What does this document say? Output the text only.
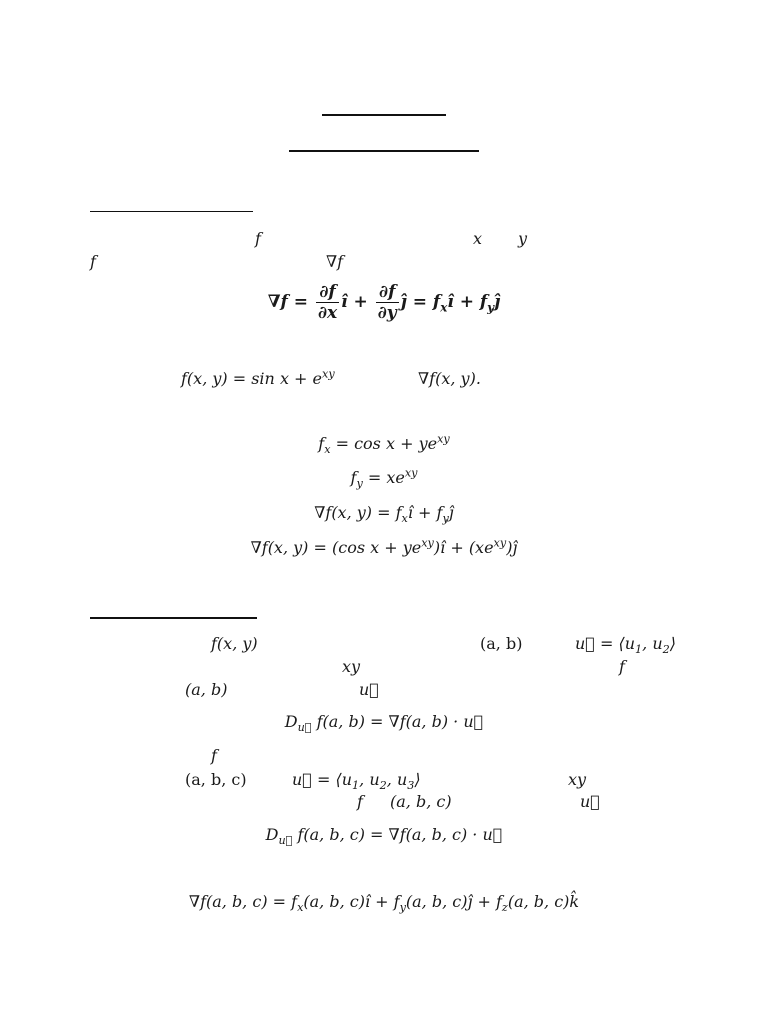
f	x y
f	∇f
$\nabla f = \frac{\partial f}{\partial x}$ î + $\frac{\partial f}{\partial y}$ ĵ = $f_xî$ + $f_yĵ$
f(x, $y) = \sin x + e^{xy}$	∇f(x, y).
$f_x = \cos x + ye^{xy}$
$f_y = xe^{xy}$
∇f(x, $y) = f_xî$ + $f_yĵ$
∇f(x, y) = (cos $x + ye^{xy})î$ + $(xe^{xy})ĵ$
f(x, y)	(a, b)	u⃗ = $⟨u_1$, $u_2⟩$
xy	f
(a, b)	u⃗
$D_{u⃗}$ f(a, b) = ∇f(a, b) · u⃗
f
(a, b, c)	u⃗ = $⟨u_1$, $u_2$, $u_3⟩$	xy
f (a, b, c)	u⃗
$D_{u⃗}$ f(a, b, c) = ∇f(a, b, c) · u⃗
∇f(a, b, $c) = f_x(a$, b, c)î + $f_y(a$, b, c)ĵ + $f_z(a$, b, c)k̂
